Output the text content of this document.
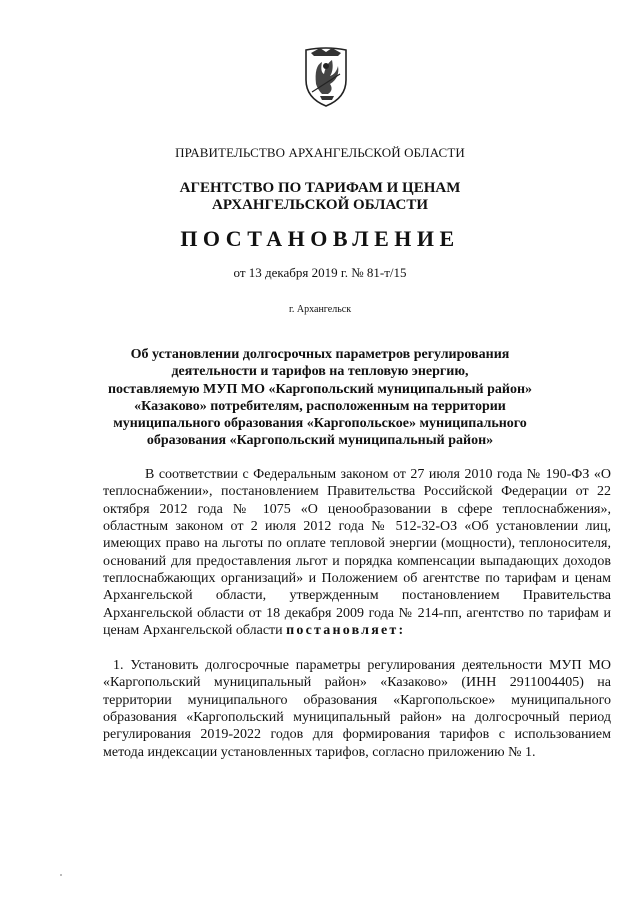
ПРАВИТЕЛЬСТВО АРХАНГЕЛЬСКОЙ ОБЛАСТИ
АГЕНТСТВО ПО ТАРИФАМ И ЦЕНАМ
АРХАНГЕЛЬСКОЙ ОБЛАСТИ
ПОСТАНОВЛЕНИЕ
от 13 декабря 2019 г. № 81-т/15
г. Архангельск
Об установлении долгосрочных параметров регулирования
деятельности и тарифов на тепловую энергию,
поставляемую МУП МО «Каргопольский муниципальный район»
«Казаково» потребителям, расположенным на территории
муниципального образования «Каргопольское» муниципального
образования «Каргопольский муниципальный район»
В соответствии с Федеральным законом от 27 июля 2010 года № 190-ФЗ «О теплоснабжении», постановлением Правительства Российской Федерации от 22 октября 2012 года № 1075 «О ценообразовании в сфере теплоснабжения», областным законом от 2 июля 2012 года № 512-32-ОЗ «Об установлении лиц, имеющих право на льготы по оплате тепловой энергии (мощности), теплоносителя, оснований для предоставления льгот и порядка компенсации выпадающих доходов теплоснабжающих организаций» и Положением об агентстве по тарифам и ценам Архангельской области, утвержденным постановлением Правительства Архангельской области от 18 декабря 2009 года № 214-пп, агентство по тарифам и ценам Архангельской области постановляет:
1. Установить долгосрочные параметры регулирования деятельности МУП МО «Каргопольский муниципальный район» «Казаково» (ИНН 2911004405) на территории муниципального образования «Каргопольское» муниципального образования «Каргопольский муниципальный район» на долгосрочный период регулирования 2019-2022 годов для формирования тарифов с использованием метода индексации установленных тарифов, согласно приложению № 1.
